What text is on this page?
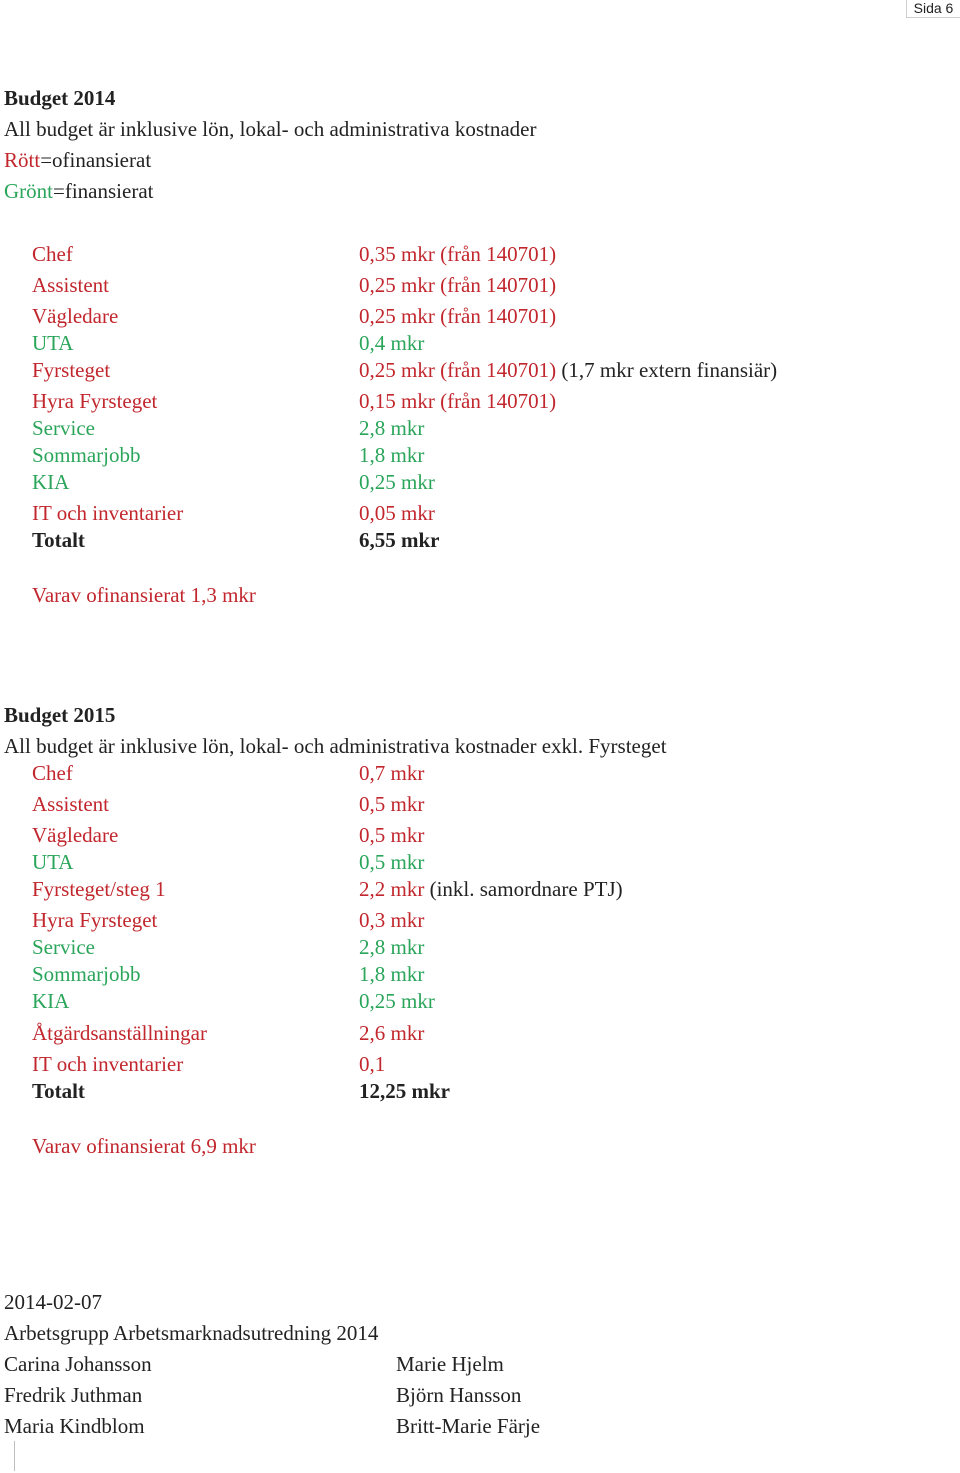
Sida 6
Budget 2014
All budget är inklusive lön, lokal- och administrativa kostnader
Rött=ofinansierat
Grönt=finansierat
Chef	0,35 mkr (från 140701)
Assistent	0,25 mkr (från 140701)
Vägledare	0,25 mkr (från 140701)
UTA	0,4 mkr
Fyrsteget	0,25 mkr (från 140701) (1,7 mkr extern finansiär)
Hyra Fyrsteget	0,15 mkr (från 140701)
Service	2,8 mkr
Sommarjobb	1,8 mkr
KIA	0,25 mkr
IT och inventarier	0,05 mkr
Totalt	6,55 mkr
Varav ofinansierat 1,3 mkr
Budget 2015
All budget är inklusive lön, lokal- och administrativa kostnader exkl. Fyrsteget
Chef	0,7 mkr
Assistent	0,5 mkr
Vägledare	0,5 mkr
UTA	0,5 mkr
Fyrsteget/steg 1	2,2 mkr (inkl. samordnare PTJ)
Hyra Fyrsteget	0,3 mkr
Service	2,8 mkr
Sommarjobb	1,8 mkr
KIA	0,25 mkr
Åtgärdsanställningar	2,6 mkr
IT och inventarier	0,1
Totalt	12,25 mkr
Varav ofinansierat 6,9 mkr
2014-02-07
Arbetsgrupp Arbetsmarknadsutredning 2014
Carina Johansson	Marie Hjelm
Fredrik Juthman	Björn Hansson
Maria Kindblom	Britt-Marie Färje
